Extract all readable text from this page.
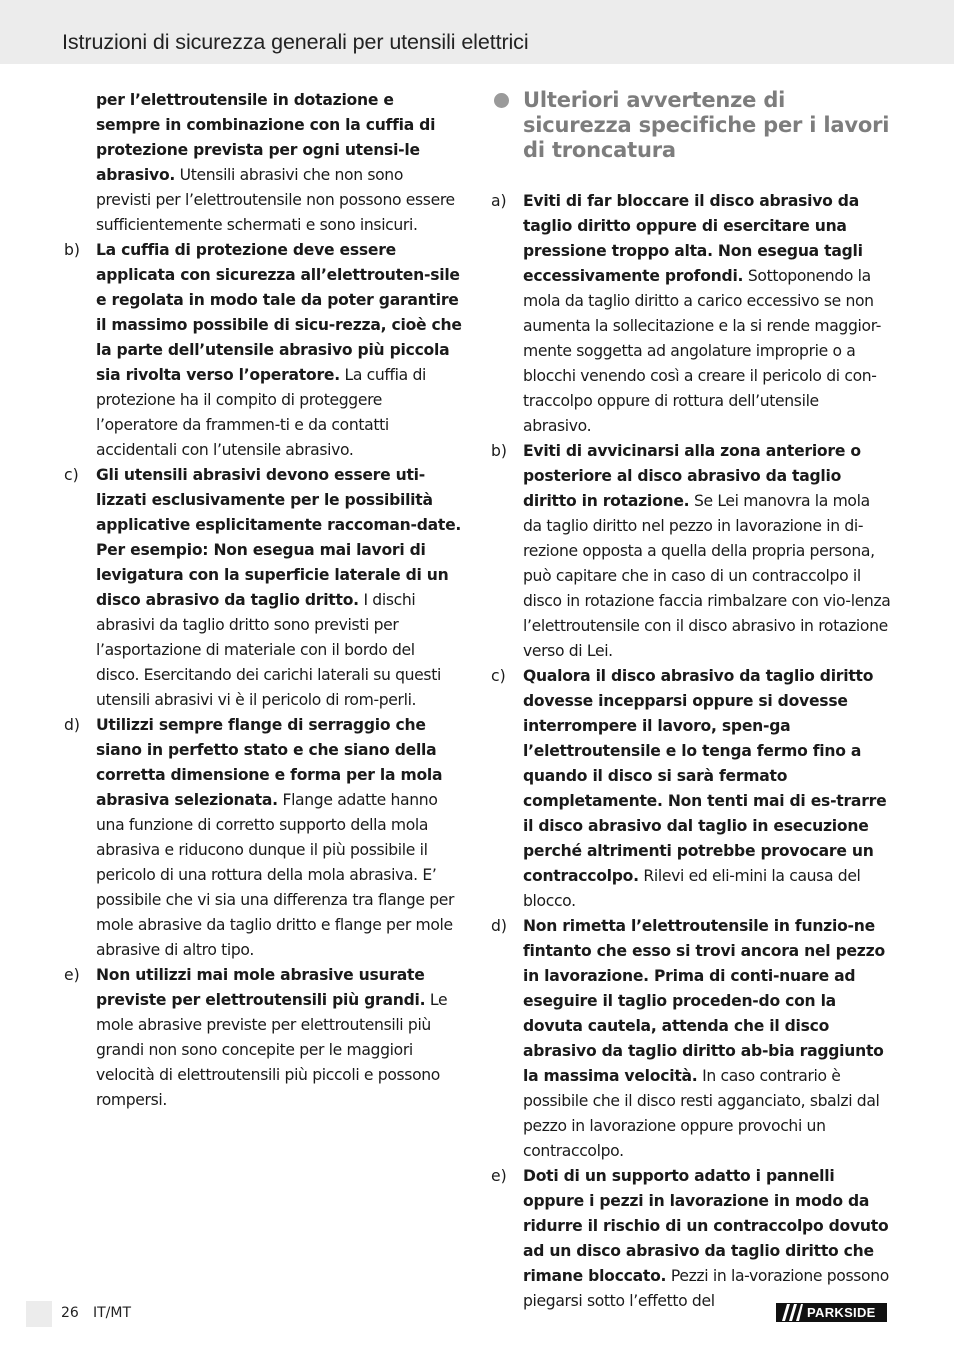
Istruzioni di sicurezza generali per utensili elettrici

per l’elettroutensile in dotazione e sempre in combinazione con la cuffia di protezione prevista per ogni utensi-le abrasivo. Utensili abrasivi che non sono previsti per l’elettroutensile non possono essere sufficientemente schermati e sono insicuri.

b) La cuffia di protezione deve essere applicata con sicurezza all’elettrouten-sile e regolata in modo tale da poter garantire il massimo possibile di sicu-rezza, cioè che la parte dell’utensile abrasivo più piccola sia rivolta verso l’operatore. La cuffia di protezione ha il compito di proteggere l’operatore da frammen-ti e da contatti accidentali con l’utensile abrasivo.

c) Gli utensili abrasivi devono essere uti-lizzati esclusivamente per le possibilità applicative esplicitamente raccoman-date. Per esempio: Non esegua mai lavori di levigatura con la superficie laterale di un disco abrasivo da taglio dritto. I dischi abrasivi da taglio dritto sono previsti per l’asportazione di materiale con il bordo del disco. Esercitando dei carichi laterali su questi utensili abrasivi vi è il pericolo di rom-perli.

d) Utilizzi sempre flange di serraggio che siano in perfetto stato e che siano della corretta dimensione e forma per la mola abrasiva selezionata. Flange adatte hanno una funzione di corretto supporto della mola abrasiva e riducono dunque il più possibile il pericolo di una rottura della mola abrasiva. E’ possibile che vi sia una differenza tra flange per mole abrasive da taglio dritto e flange per mole abrasive di altro tipo.

e) Non utilizzi mai mole abrasive usurate previste per elettroutensili più grandi. Le mole abrasive previste per elettroutensili più grandi non sono concepite per le maggiori velocità di elettroutensili più piccoli e possono rompersi.

Ulteriori avvertenze di sicurezza specifiche per i lavori di troncatura

a) Eviti di far bloccare il disco abrasivo da taglio diritto oppure di esercitare una pressione troppo alta. Non esegua tagli eccessivamente profondi. Sottoponendo la mola da taglio diritto a carico eccessivo se non aumenta la sollecitazione e la si rende maggior-mente soggetta ad angolature improprie o a blocchi venendo così a creare il pericolo di con-traccolpo oppure di rottura dell’utensile abrasivo.

b) Eviti di avvicinarsi alla zona anteriore o posteriore al disco abrasivo da taglio diritto in rotazione. Se Lei manovra la mola da taglio diritto nel pezzo in lavorazione in di-rezione opposta a quella della propria persona, può capitare che in caso di un contraccolpo il disco in rotazione faccia rimbalzare con vio-lenza l’elettroutensile con il disco abrasivo in rotazione verso di Lei.

c) Qualora il disco abrasivo da taglio diritto dovesse incepparsi oppure si dovesse interrompere il lavoro, spen-ga l’elettroutensile e lo tenga fermo fino a quando il disco si sarà fermato completamente. Non tenti mai di es-trarre il disco abrasivo dal taglio in esecuzione perché altrimenti potrebbe provocare un contraccolpo. Rilevi ed eli-mini la causa del blocco.

d) Non rimetta l’elettroutensile in funzio-ne fintanto che esso si trovi ancora nel pezzo in lavorazione. Prima di conti-nuare ad eseguire il taglio proceden-do con la dovuta cautela, attenda che il disco abrasivo da taglio diritto ab-bia raggiunto la massima velocità. In caso contrario è possibile che il disco resti agganciato, sbalzi dal pezzo in lavorazione oppure provochi un contraccolpo.

e) Doti di un supporto adatto i pannelli oppure i pezzi in lavorazione in modo da ridurre il rischio di un contraccolpo dovuto ad un disco abrasivo da taglio diritto che rimane bloccato. Pezzi in la-vorazione possono piegarsi sotto l’effetto del

26 IT/MT	PARKSIDE
